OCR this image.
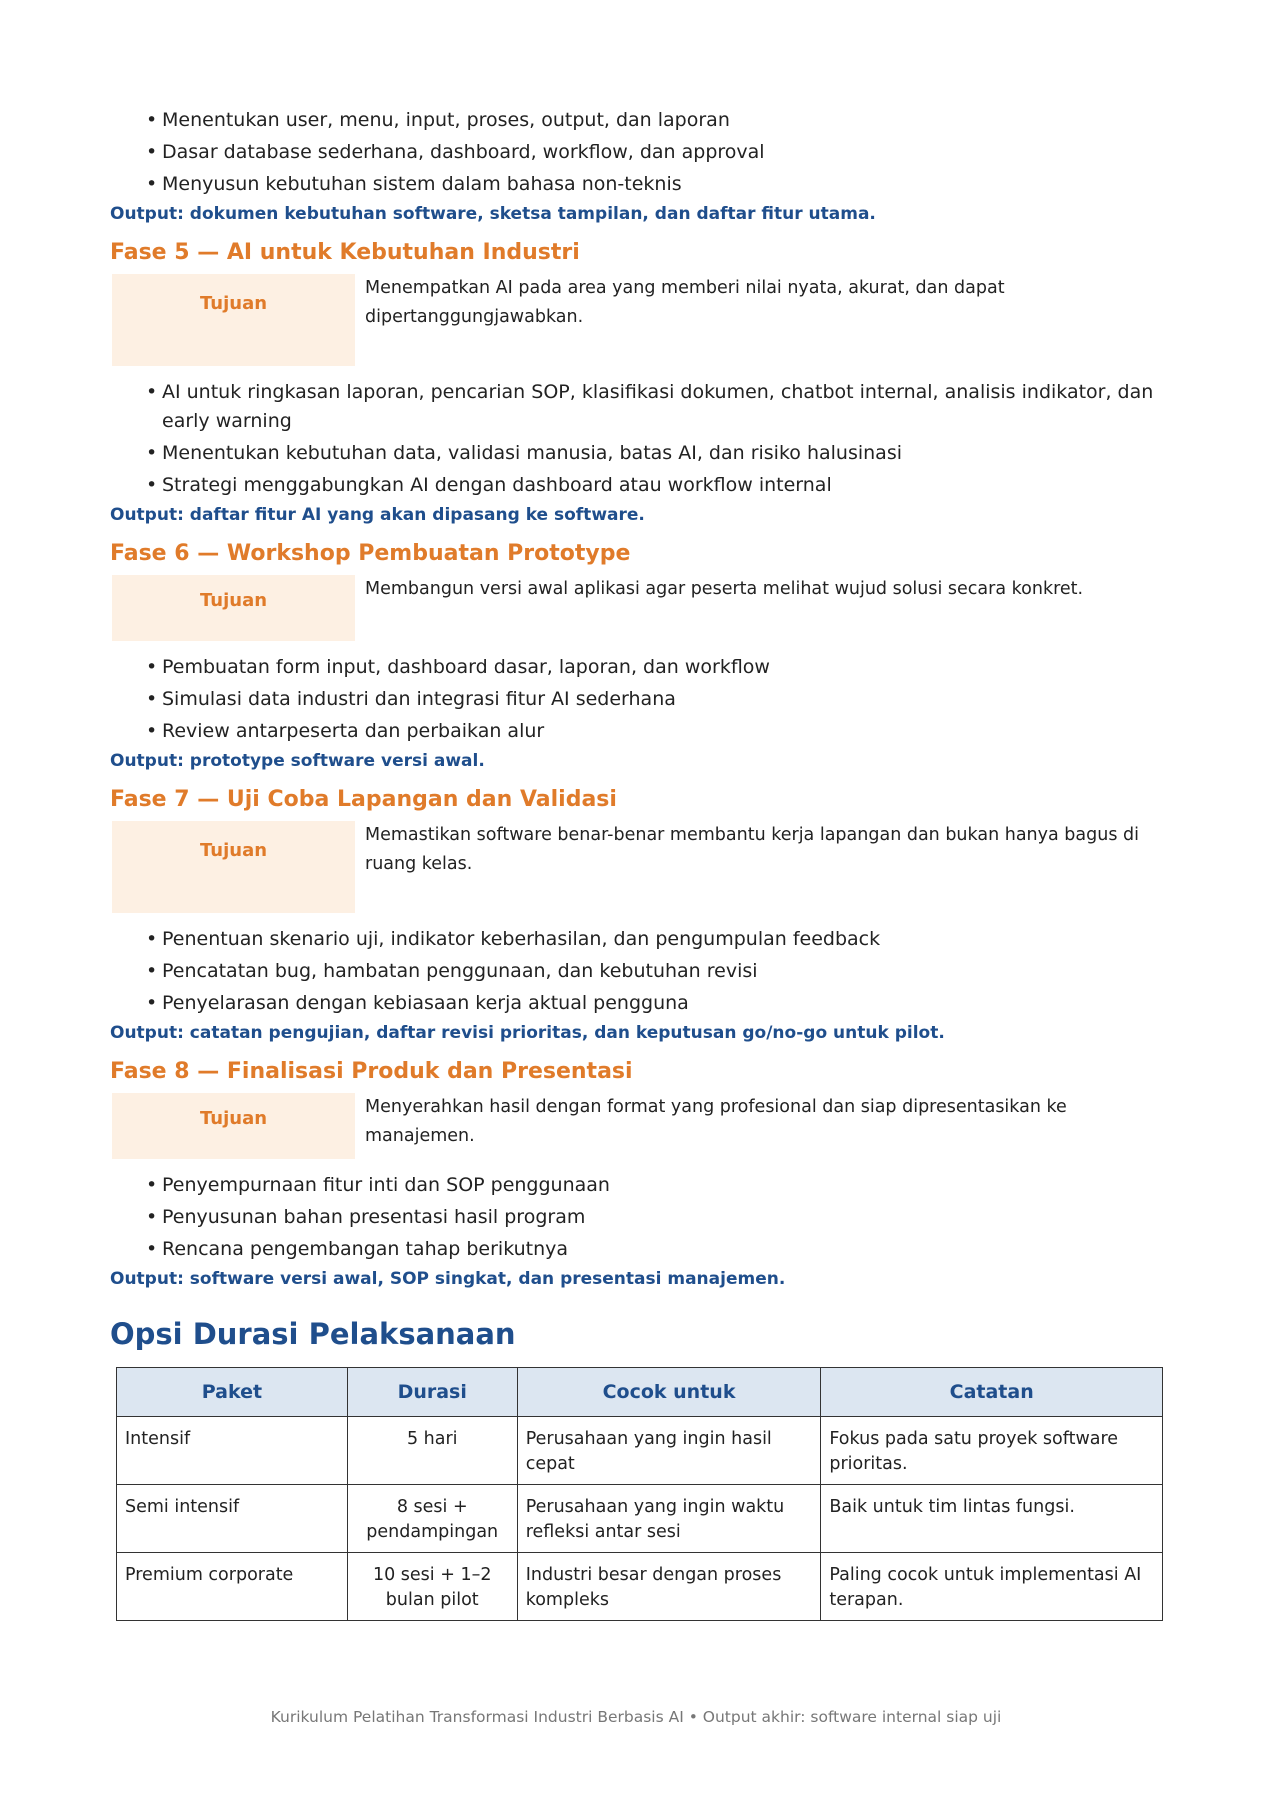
• Menentukan user, menu, input, proses, output, dan laporan
• Dasar database sederhana, dashboard, workflow, dan approval
• Menyusun kebutuhan sistem dalam bahasa non-teknis
Output: dokumen kebutuhan software, sketsa tampilan, dan daftar fitur utama.
Fase 5 — AI untuk Kebutuhan Industri
Tujuan
Menempatkan AI pada area yang memberi nilai nyata, akurat, dan dapat dipertanggungjawabkan.
• AI untuk ringkasan laporan, pencarian SOP, klasifikasi dokumen, chatbot internal, analisis indikator, dan early warning
• Menentukan kebutuhan data, validasi manusia, batas AI, dan risiko halusinasi
• Strategi menggabungkan AI dengan dashboard atau workflow internal
Output: daftar fitur AI yang akan dipasang ke software.
Fase 6 — Workshop Pembuatan Prototype
Tujuan
Membangun versi awal aplikasi agar peserta melihat wujud solusi secara konkret.
• Pembuatan form input, dashboard dasar, laporan, dan workflow
• Simulasi data industri dan integrasi fitur AI sederhana
• Review antarpeserta dan perbaikan alur
Output: prototype software versi awal.
Fase 7 — Uji Coba Lapangan dan Validasi
Tujuan
Memastikan software benar-benar membantu kerja lapangan dan bukan hanya bagus di ruang kelas.
• Penentuan skenario uji, indikator keberhasilan, dan pengumpulan feedback
• Pencatatan bug, hambatan penggunaan, dan kebutuhan revisi
• Penyelarasan dengan kebiasaan kerja aktual pengguna
Output: catatan pengujian, daftar revisi prioritas, dan keputusan go/no-go untuk pilot.
Fase 8 — Finalisasi Produk dan Presentasi
Tujuan
Menyerahkan hasil dengan format yang profesional dan siap dipresentasikan ke manajemen.
• Penyempurnaan fitur inti dan SOP penggunaan
• Penyusunan bahan presentasi hasil program
• Rencana pengembangan tahap berikutnya
Output: software versi awal, SOP singkat, dan presentasi manajemen.
Opsi Durasi Pelaksanaan
Paket	Durasi	Cocok untuk	Catatan
Intensif	5 hari	Perusahaan yang ingin hasil cepat	Fokus pada satu proyek software prioritas.
Semi intensif	8 sesi + pendampingan	Perusahaan yang ingin waktu refleksi antar sesi	Baik untuk tim lintas fungsi.
Premium corporate	10 sesi + 1–2 bulan pilot	Industri besar dengan proses kompleks	Paling cocok untuk implementasi AI terapan.
Kurikulum Pelatihan Transformasi Industri Berbasis AI • Output akhir: software internal siap uji
